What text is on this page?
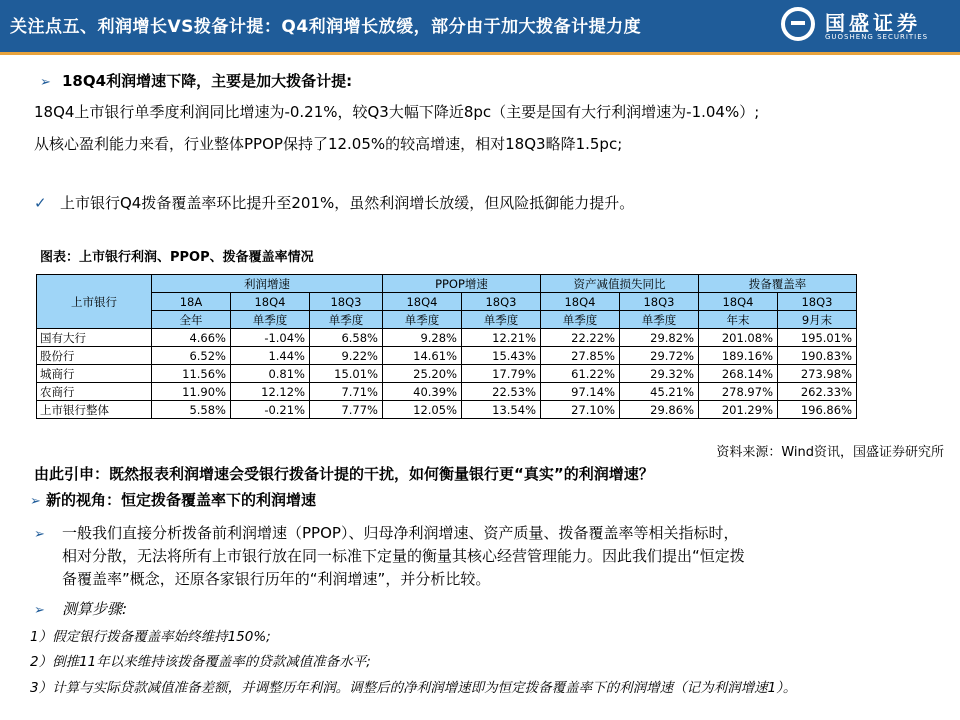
关注点五、利润增长VS拨备计提：Q4利润增长放缓，部分由于加大拨备计提力度	国盛证券
GUOSHENG SECURITIES
➢ 18Q4利润增速下降，主要是加大拨备计提:
18Q4上市银行单季度利润同比增速为-0.21%，较Q3大幅下降近8pc（主要是国有大行利润增速为-1.04%）;
从核心盈利能力来看，行业整体PPOP保持了12.05%的较高增速，相对18Q3略降1.5pc;
✓ 上市银行Q4拨备覆盖率环比提升至201%，虽然利润增长放缓，但风险抵御能力提升。
图表：上市银行利润、PPOP、拨备覆盖率情况
上市银行	利润增速			PPOP增速		资产减值损失同比		拨备覆盖率	
	18A	18Q4	18Q3	18Q4	18Q3	18Q4	18Q3	18Q4	18Q3
	全年	单季度	单季度	单季度	单季度	单季度	单季度	年末	9月末
国有大行	4.66%	-1.04%	6.58%	9.28%	12.21%	22.22%	29.82%	201.08%	195.01%
股份行	6.52%	1.44%	9.22%	14.61%	15.43%	27.85%	29.72%	189.16%	190.83%
城商行	11.56%	0.81%	15.01%	25.20%	17.79%	61.22%	29.32%	268.14%	273.98%
农商行	11.90%	12.12%	7.71%	40.39%	22.53%	97.14%	45.21%	278.97%	262.33%
上市银行整体	5.58%	-0.21%	7.77%	12.05%	13.54%	27.10%	29.86%	201.29%	196.86%
资料来源：Wind资讯，国盛证券研究所
由此引申：既然报表利润增速会受银行拨备计提的干扰，如何衡量银行更“真实”的利润增速？
➢ 新的视角：恒定拨备覆盖率下的利润增速
➢ 一般我们直接分析拨备前利润增速（PPOP）、归母净利润增速、资产质量、拨备覆盖率等相关指标时，
相对分散，无法将所有上市银行放在同一标准下定量的衡量其核心经营管理能力。因此我们提出“恒定拨
备覆盖率”概念，还原各家银行历年的“利润增速”，并分析比较。
➢ 测算步骤:
1）假定银行拨备覆盖率始终维持150%;
2）倒推11年以来维持该拨备覆盖率的贷款减值准备水平;
3）计算与实际贷款减值准备差额，并调整历年利润。调整后的净利润增速即为恒定拨备覆盖率下的利润增速（记为利润增速1）。
